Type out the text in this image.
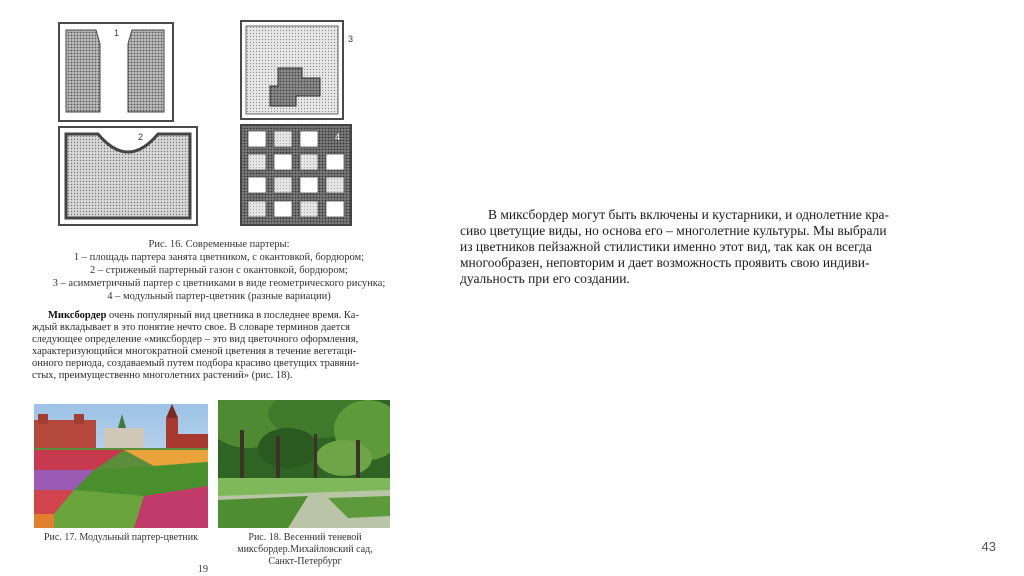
1
3
2	4
Рис. 16. Современные партеры:
1 – площадь партера занята цветником, с окантовкой, бордюром;
2 – стриженый партерный газон с окантовкой, бордюром;
3 – асимметричный партер с цветниками в виде геометрического рисунка;
4 – модульный партер-цветник (разные вариации)
Миксбордер очень популярный вид цветника в последнее время. Ка-
ждый вкладывает в это понятие нечто свое. В словаре терминов дается
следующее определение «миксбордер – это вид цветочного оформления,
характеризующийся многократной сменой цветения в течение вегетаци-
онного периода, создаваемый путем подбора красиво цветущих травяни-
стых, преимущественно многолетних растений» (рис. 18).
Рис. 17. Модульный партер-цветник	Рис. 18. Весенний теневой
миксбордер.Михайловский сад,
Санкт-Петербург
19
В миксбордер могут быть включены и кустарники, и однолетние кра-
сиво цветущие виды, но основа его – многолетние культуры. Мы выбрали
из цветников пейзажной стилистики именно этот вид, так как он всегда
многообразен, неповторим и дает возможность проявить свою индиви-
дуальность при его создании.
43
